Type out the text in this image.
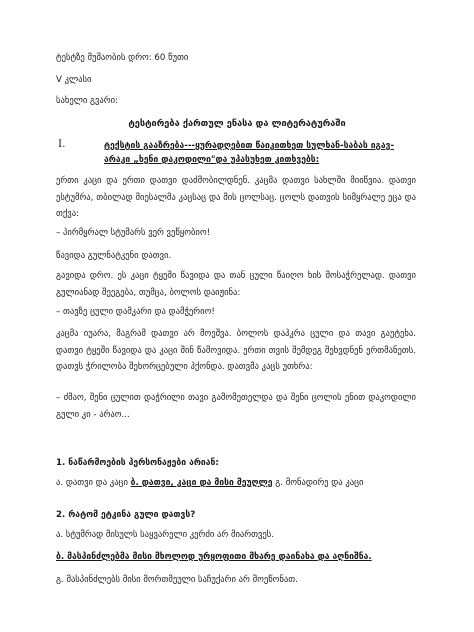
ტესტზე მუშაობის დრო: 60 წუთი
V კლასი
სახელი გვარი:
ტესტირება ქართულ ენასა და ლიტერატურაში
I.	ტექსტის გააზრება---ყურადღებით წაიკითხეთ სულხან-საბას იგავ-არაკი „ხენი დაკოდილი"და უპასუხეთ კითხვებს:
ერთი კაცი და ერთი დათვი დაძმობილდნენ. კაცმა დათვი სახლში მიიწვია. დათვი ესტუმრა, თბილად მიესალმა კაცსაც და მის ცოლსაც. ცოლს დათვის სიმყრალე ეცა და თქვა:
– პირმყრალ სტუმარს ვერ ვეწყობიო!
წავიდა გულნატკენი დათვი.
გავიდა დრო. ეს კაცი ტყეში წავიდა და თან ცული წაიღო ხის მოსაჭრელად. დათვი გულიანად შეეგება, თუმცა, ბოლოს დაიჟინა:
– თავზე ცული დამკარი და დამჭერიო!
კაცმა იუარა, მაგრამ დათვი არ მოეშვა. ბოლოს დაჰკრა ცული და თავი გაუტეხა. დათვი ტყეში წავიდა და კაცი შინ წამოვიდა. ერთი თვის შემდეგ შეხვდნენ ერთმანეთს. დათვს ჭრილობა შეხორცებული ჰქონდა. დათვმა კაცს უთხრა:
– ძმაო, შენი ცულით დაჭრილი თავი გამომეთელდა და შენი ცოლის ენით დაკოდილი გული კი - არაო...
1. ნაწარმოების პერსონაჟები არიან:
ა. დათვი და კაცი ბ. დათვი, კაცი და მისი მეუღლე გ. მონადირე და კაცი
2. რატომ ეტკინა გული დათვს?
ა. სტუმრად მისულს საყვარელი კერძი არ მიართვეს.
ბ. მასპინძლებმა მისი მხოლოდ ურყოფითი მხარე დაინახა და აღნიშნა.
გ. მასპინძლებს მისი მორთმეული საჩუქარი არ მოეწონათ.
